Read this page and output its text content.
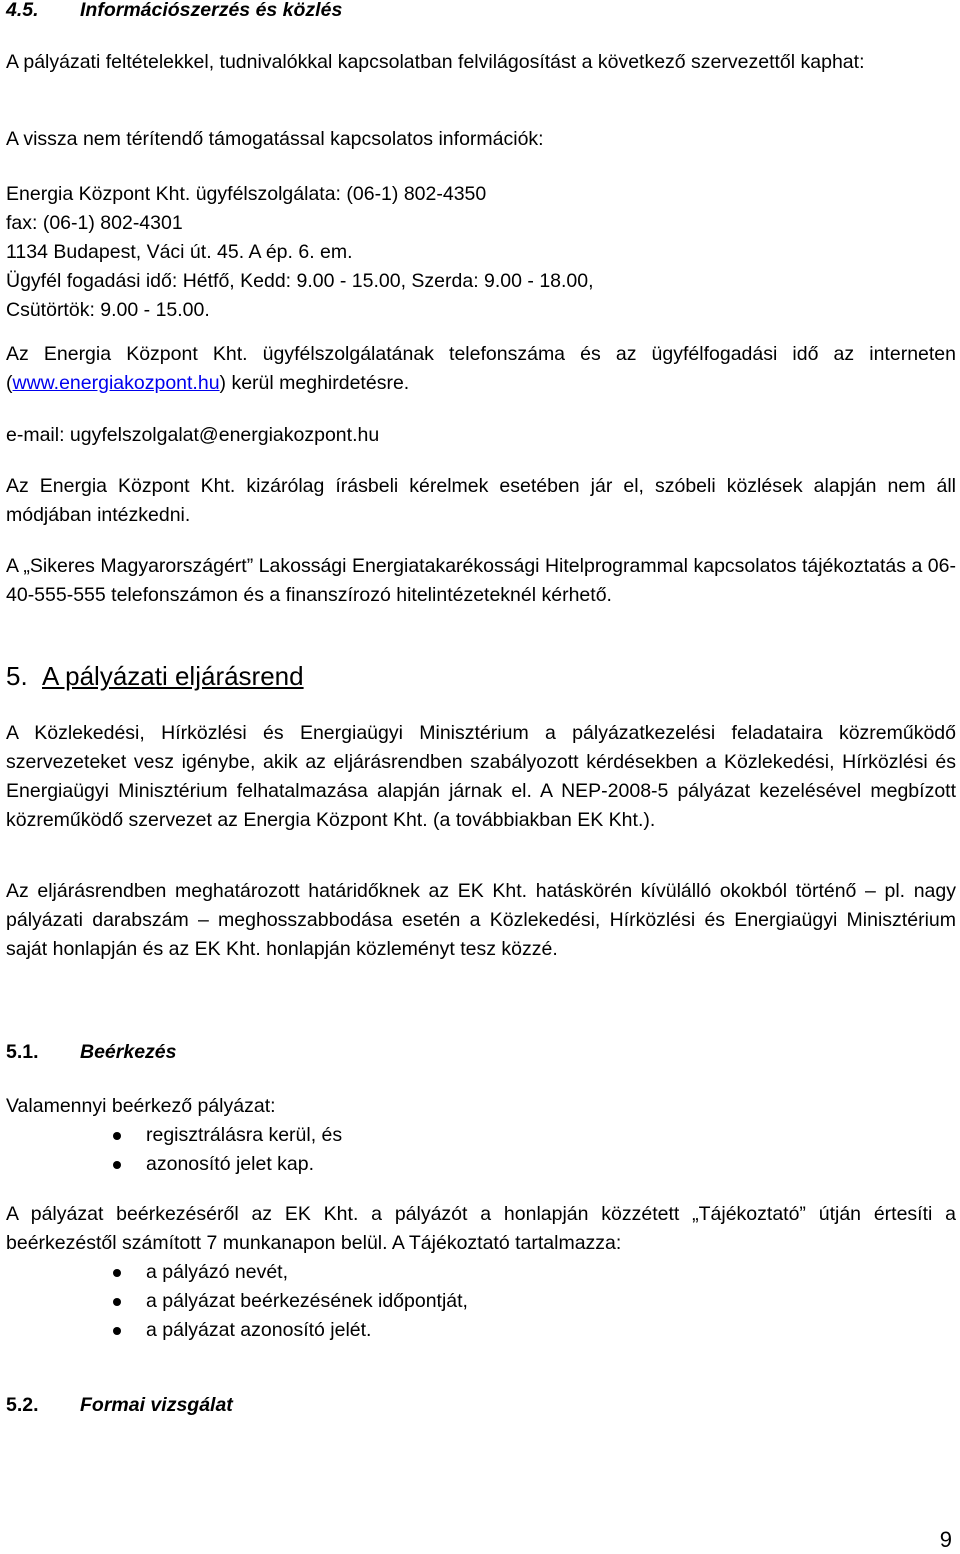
4.5. Információszerzés és közlés

A pályázati feltételekkel, tudnivalókkal kapcsolatban felvilágosítást a következő szervezettől kaphat:

A vissza nem térítendő támogatással kapcsolatos információk:

Energia Központ Kht. ügyfélszolgálata: (06-1) 802-4350
fax: (06-1) 802-4301
1134 Budapest, Váci út. 45. A ép. 6. em.
Ügyfél fogadási idő: Hétfő, Kedd: 9.00 - 15.00, Szerda: 9.00 - 18.00,
Csütörtök: 9.00 - 15.00.

Az Energia Központ Kht. ügyfélszolgálatának telefonszáma és az ügyfélfogadási idő az interneten (www.energiakozpont.hu) kerül meghirdetésre.

e-mail: ugyfelszolgalat@energiakozpont.hu

Az Energia Központ Kht. kizárólag írásbeli kérelmek esetében jár el, szóbeli közlések alapján nem áll módjában intézkedni.

A „Sikeres Magyarországért” Lakossági Energiatakarékossági Hitelprogrammal kapcsolatos tájékoztatás a 06-40-555-555 telefonszámon és a finanszírozó hitelintézeteknél kérhető.

5. A pályázati eljárásrend

A Közlekedési, Hírközlési és Energiaügyi Minisztérium a pályázatkezelési feladataira közreműködő szervezeteket vesz igénybe, akik az eljárásrendben szabályozott kérdésekben a Közlekedési, Hírközlési és Energiaügyi Minisztérium felhatalmazása alapján járnak el. A NEP-2008-5 pályázat kezelésével megbízott közreműködő szervezet az Energia Központ Kht. (a továbbiakban EK Kht.).

Az eljárásrendben meghatározott határidőknek az EK Kht. hatáskörén kívülálló okokból történő – pl. nagy pályázati darabszám – meghosszabbodása esetén a Közlekedési, Hírközlési és Energiaügyi Minisztérium saját honlapján és az EK Kht. honlapján közleményt tesz közzé.

5.1. Beérkezés
Valamennyi beérkező pályázat:
regisztrálásra kerül, és
azonosító jelet kap.
A pályázat beérkezéséről az EK Kht. a pályázót a honlapján közzétett „Tájékoztató” útján értesíti a beérkezéstől számított 7 munkanapon belül. A Tájékoztató tartalmazza:
a pályázó nevét,
a pályázat beérkezésének időpontját,
a pályázat azonosító jelét.
5.2. Formai vizsgálat
9
